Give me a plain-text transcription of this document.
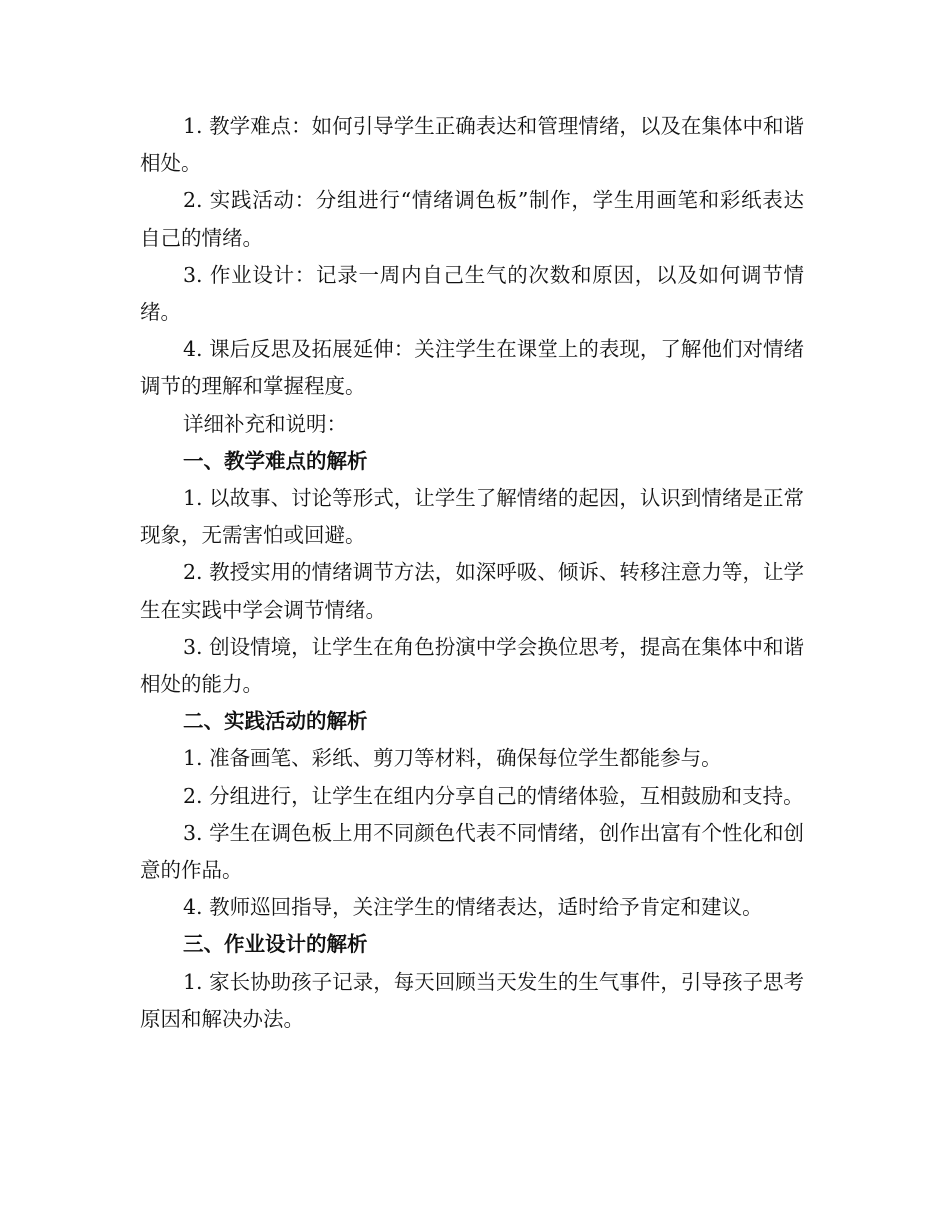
1. 教学难点：如何引导学生正确表达和管理情绪，以及在集体中和谐相处。

2. 实践活动：分组进行“情绪调色板”制作，学生用画笔和彩纸表达自己的情绪。

3. 作业设计：记录一周内自己生气的次数和原因，以及如何调节情绪。

4. 课后反思及拓展延伸：关注学生在课堂上的表现，了解他们对情绪调节的理解和掌握程度。

详细补充和说明：

一、教学难点的解析

1. 以故事、讨论等形式，让学生了解情绪的起因，认识到情绪是正常现象，无需害怕或回避。

2. 教授实用的情绪调节方法，如深呼吸、倾诉、转移注意力等，让学生在实践中学会调节情绪。

3. 创设情境，让学生在角色扮演中学会换位思考，提高在集体中和谐相处的能力。

二、实践活动的解析

1. 准备画笔、彩纸、剪刀等材料，确保每位学生都能参与。

2. 分组进行，让学生在组内分享自己的情绪体验，互相鼓励和支持。

3. 学生在调色板上用不同颜色代表不同情绪，创作出富有个性化和创意的作品。

4. 教师巡回指导，关注学生的情绪表达，适时给予肯定和建议。

三、作业设计的解析

1. 家长协助孩子记录，每天回顾当天发生的生气事件，引导孩子思考原因和解决办法。
